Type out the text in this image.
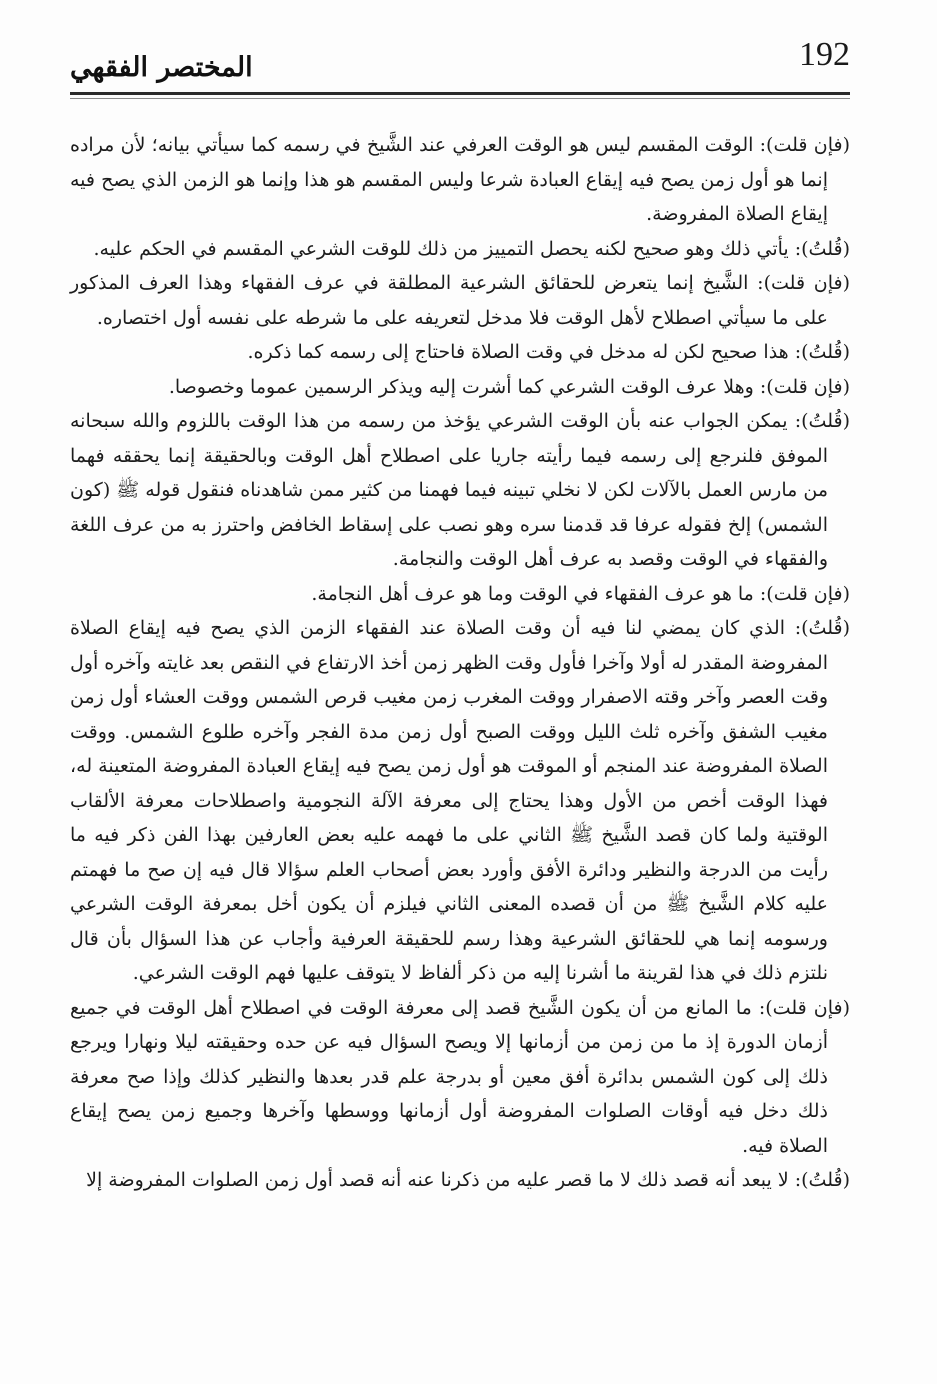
192
المختصر الفقهي

(فإن قلت): الوقت المقسم ليس هو الوقت العرفي عند الشَّيخ في رسمه كما سيأتي بيانه؛ لأن مراده إنما هو أول زمن يصح فيه إيقاع العبادة شرعا وليس المقسم هو هذا وإنما هو الزمن الذي يصح فيه إيقاع الصلاة المفروضة.

(قُلتُ): يأتي ذلك وهو صحيح لكنه يحصل التمييز من ذلك للوقت الشرعي المقسم في الحكم عليه.

(فإن قلت): الشَّيخ إنما يتعرض للحقائق الشرعية المطلقة في عرف الفقهاء وهذا العرف المذكور على ما سيأتي اصطلاح لأهل الوقت فلا مدخل لتعريفه على ما شرطه على نفسه أول اختصاره.

(قُلتُ): هذا صحيح لكن له مدخل في وقت الصلاة فاحتاج إلى رسمه كما ذكره.

(فإن قلت): وهلا عرف الوقت الشرعي كما أشرت إليه ويذكر الرسمين عموما وخصوصا.

(قُلتُ): يمكن الجواب عنه بأن الوقت الشرعي يؤخذ من رسمه من هذا الوقت باللزوم والله سبحانه الموفق فلنرجع إلى رسمه فيما رأيته جاريا على اصطلاح أهل الوقت وبالحقيقة إنما يحققه فهما من مارس العمل بالآلات لكن لا نخلي تبينه فيما فهمنا من كثير ممن شاهدناه فنقول قوله ﷺ (كون الشمس) إلخ فقوله عرفا قد قدمنا سره وهو نصب على إسقاط الخافض واحترز به من عرف اللغة والفقهاء في الوقت وقصد به عرف أهل الوقت والنجامة.

(فإن قلت): ما هو عرف الفقهاء في الوقت وما هو عرف أهل النجامة.

(قُلتُ): الذي كان يمضي لنا فيه أن وقت الصلاة عند الفقهاء الزمن الذي يصح فيه إيقاع الصلاة المفروضة المقدر له أولا وآخرا فأول وقت الظهر زمن أخذ الارتفاع في النقص بعد غايته وآخره أول وقت العصر وآخر وقته الاصفرار ووقت المغرب زمن مغيب قرص الشمس ووقت العشاء أول زمن مغيب الشفق وآخره ثلث الليل ووقت الصبح أول زمن مدة الفجر وآخره طلوع الشمس. ووقت الصلاة المفروضة عند المنجم أو الموقت هو أول زمن يصح فيه إيقاع العبادة المفروضة المتعينة له، فهذا الوقت أخص من الأول وهذا يحتاج إلى معرفة الآلة النجومية واصطلاحات معرفة الألقاب الوقتية ولما كان قصد الشَّيخ ﷺ الثاني على ما فهمه عليه بعض العارفين بهذا الفن ذكر فيه ما رأيت من الدرجة والنظير ودائرة الأفق وأورد بعض أصحاب العلم سؤالا قال فيه إن صح ما فهمتم عليه كلام الشَّيخ ﷺ من أن قصده المعنى الثاني فيلزم أن يكون أخل بمعرفة الوقت الشرعي ورسومه إنما هي للحقائق الشرعية وهذا رسم للحقيقة العرفية وأجاب عن هذا السؤال بأن قال نلتزم ذلك في هذا لقرينة ما أشرنا إليه من ذكر ألفاظ لا يتوقف عليها فهم الوقت الشرعي.

(فإن قلت): ما المانع من أن يكون الشَّيخ قصد إلى معرفة الوقت في اصطلاح أهل الوقت في جميع أزمان الدورة إذ ما من زمن من أزمانها إلا ويصح السؤال فيه عن حده وحقيقته ليلا ونهارا ويرجع ذلك إلى كون الشمس بدائرة أفق معين أو بدرجة علم قدر بعدها والنظير كذلك وإذا صح معرفة ذلك دخل فيه أوقات الصلوات المفروضة أول أزمانها ووسطها وآخرها وجميع زمن يصح إيقاع الصلاة فيه.

(قُلتُ): لا يبعد أنه قصد ذلك لا ما قصر عليه من ذكرنا عنه أنه قصد أول زمن الصلوات المفروضة إلا
